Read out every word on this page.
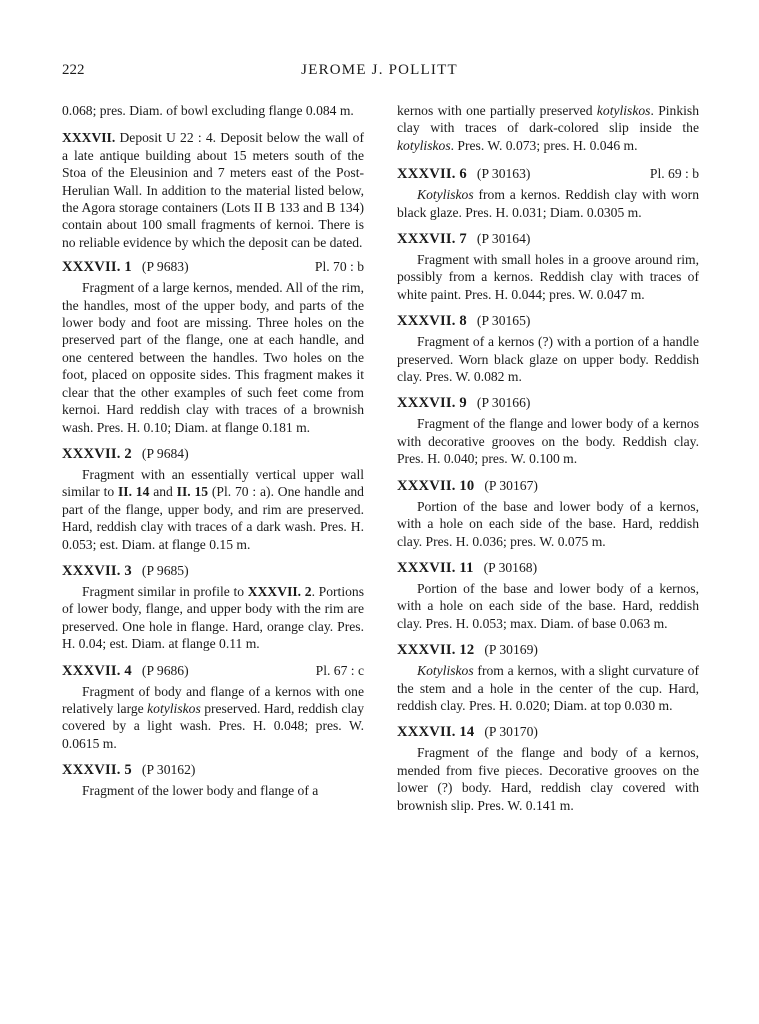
222	JEROME J. POLLITT

0.068; pres. Diam. of bowl excluding flange 0.084 m.

XXXVII. Deposit U 22 : 4. Deposit below the wall of a late antique building about 15 meters south of the Stoa of the Eleusinion and 7 meters east of the Post-Herulian Wall. In addition to the material listed below, the Agora storage containers (Lots II B 133 and B 134) contain about 100 small fragments of kernoi. There is no reliable evidence by which the deposit can be dated.

XXXVII. 1 (P 9683)	Pl. 70 : b

Fragment of a large kernos, mended. All of the rim, the handles, most of the upper body, and parts of the lower body and foot are missing. Three holes on the preserved part of the flange, one at each handle, and one centered between the handles. Two holes on the foot, placed on opposite sides. This fragment makes it clear that the other examples of such feet come from kernoi. Hard reddish clay with traces of a brownish wash. Pres. H. 0.10; Diam. at flange 0.181 m.

XXXVII. 2 (P 9684)

Fragment with an essentially vertical upper wall similar to II. 14 and II. 15 (Pl. 70 : a). One handle and part of the flange, upper body, and rim are preserved. Hard, reddish clay with traces of a dark wash. Pres. H. 0.053; est. Diam. at flange 0.15 m.

XXXVII. 3 (P 9685)

Fragment similar in profile to XXXVII. 2. Portions of lower body, flange, and upper body with the rim are preserved. One hole in flange. Hard, orange clay. Pres. H. 0.04; est. Diam. at flange 0.11 m.

XXXVII. 4 (P 9686)	Pl. 67 : c

Fragment of body and flange of a kernos with one relatively large kotyliskos preserved. Hard, reddish clay covered by a light wash. Pres. H. 0.048; pres. W. 0.0615 m.

XXXVII. 5 (P 30162)

Fragment of the lower body and flange of a

kernos with one partially preserved kotyliskos. Pinkish clay with traces of dark-colored slip inside the kotyliskos. Pres. W. 0.073; pres. H. 0.046 m.

XXXVII. 6 (P 30163)	Pl. 69 : b

Kotyliskos from a kernos. Reddish clay with worn black glaze. Pres. H. 0.031; Diam. 0.0305 m.

XXXVII. 7 (P 30164)

Fragment with small holes in a groove around rim, possibly from a kernos. Reddish clay with traces of white paint. Pres. H. 0.044; pres. W. 0.047 m.

XXXVII. 8 (P 30165)

Fragment of a kernos (?) with a portion of a handle preserved. Worn black glaze on upper body. Reddish clay. Pres. W. 0.082 m.

XXXVII. 9 (P 30166)

Fragment of the flange and lower body of a kernos with decorative grooves on the body. Reddish clay. Pres. H. 0.040; pres. W. 0.100 m.

XXXVII. 10 (P 30167)

Portion of the base and lower body of a kernos, with a hole on each side of the base. Hard, reddish clay. Pres. H. 0.036; pres. W. 0.075 m.

XXXVII. 11 (P 30168)

Portion of the base and lower body of a kernos, with a hole on each side of the base. Hard, reddish clay. Pres. H. 0.053; max. Diam. of base 0.063 m.

XXXVII. 12 (P 30169)

Kotyliskos from a kernos, with a slight curvature of the stem and a hole in the center of the cup. Hard, reddish clay. Pres. H. 0.020; Diam. at top 0.030 m.

XXXVII. 14 (P 30170)

Fragment of the flange and body of a kernos, mended from five pieces. Decorative grooves on the lower (?) body. Hard, reddish clay covered with brownish slip. Pres. W. 0.141 m.
